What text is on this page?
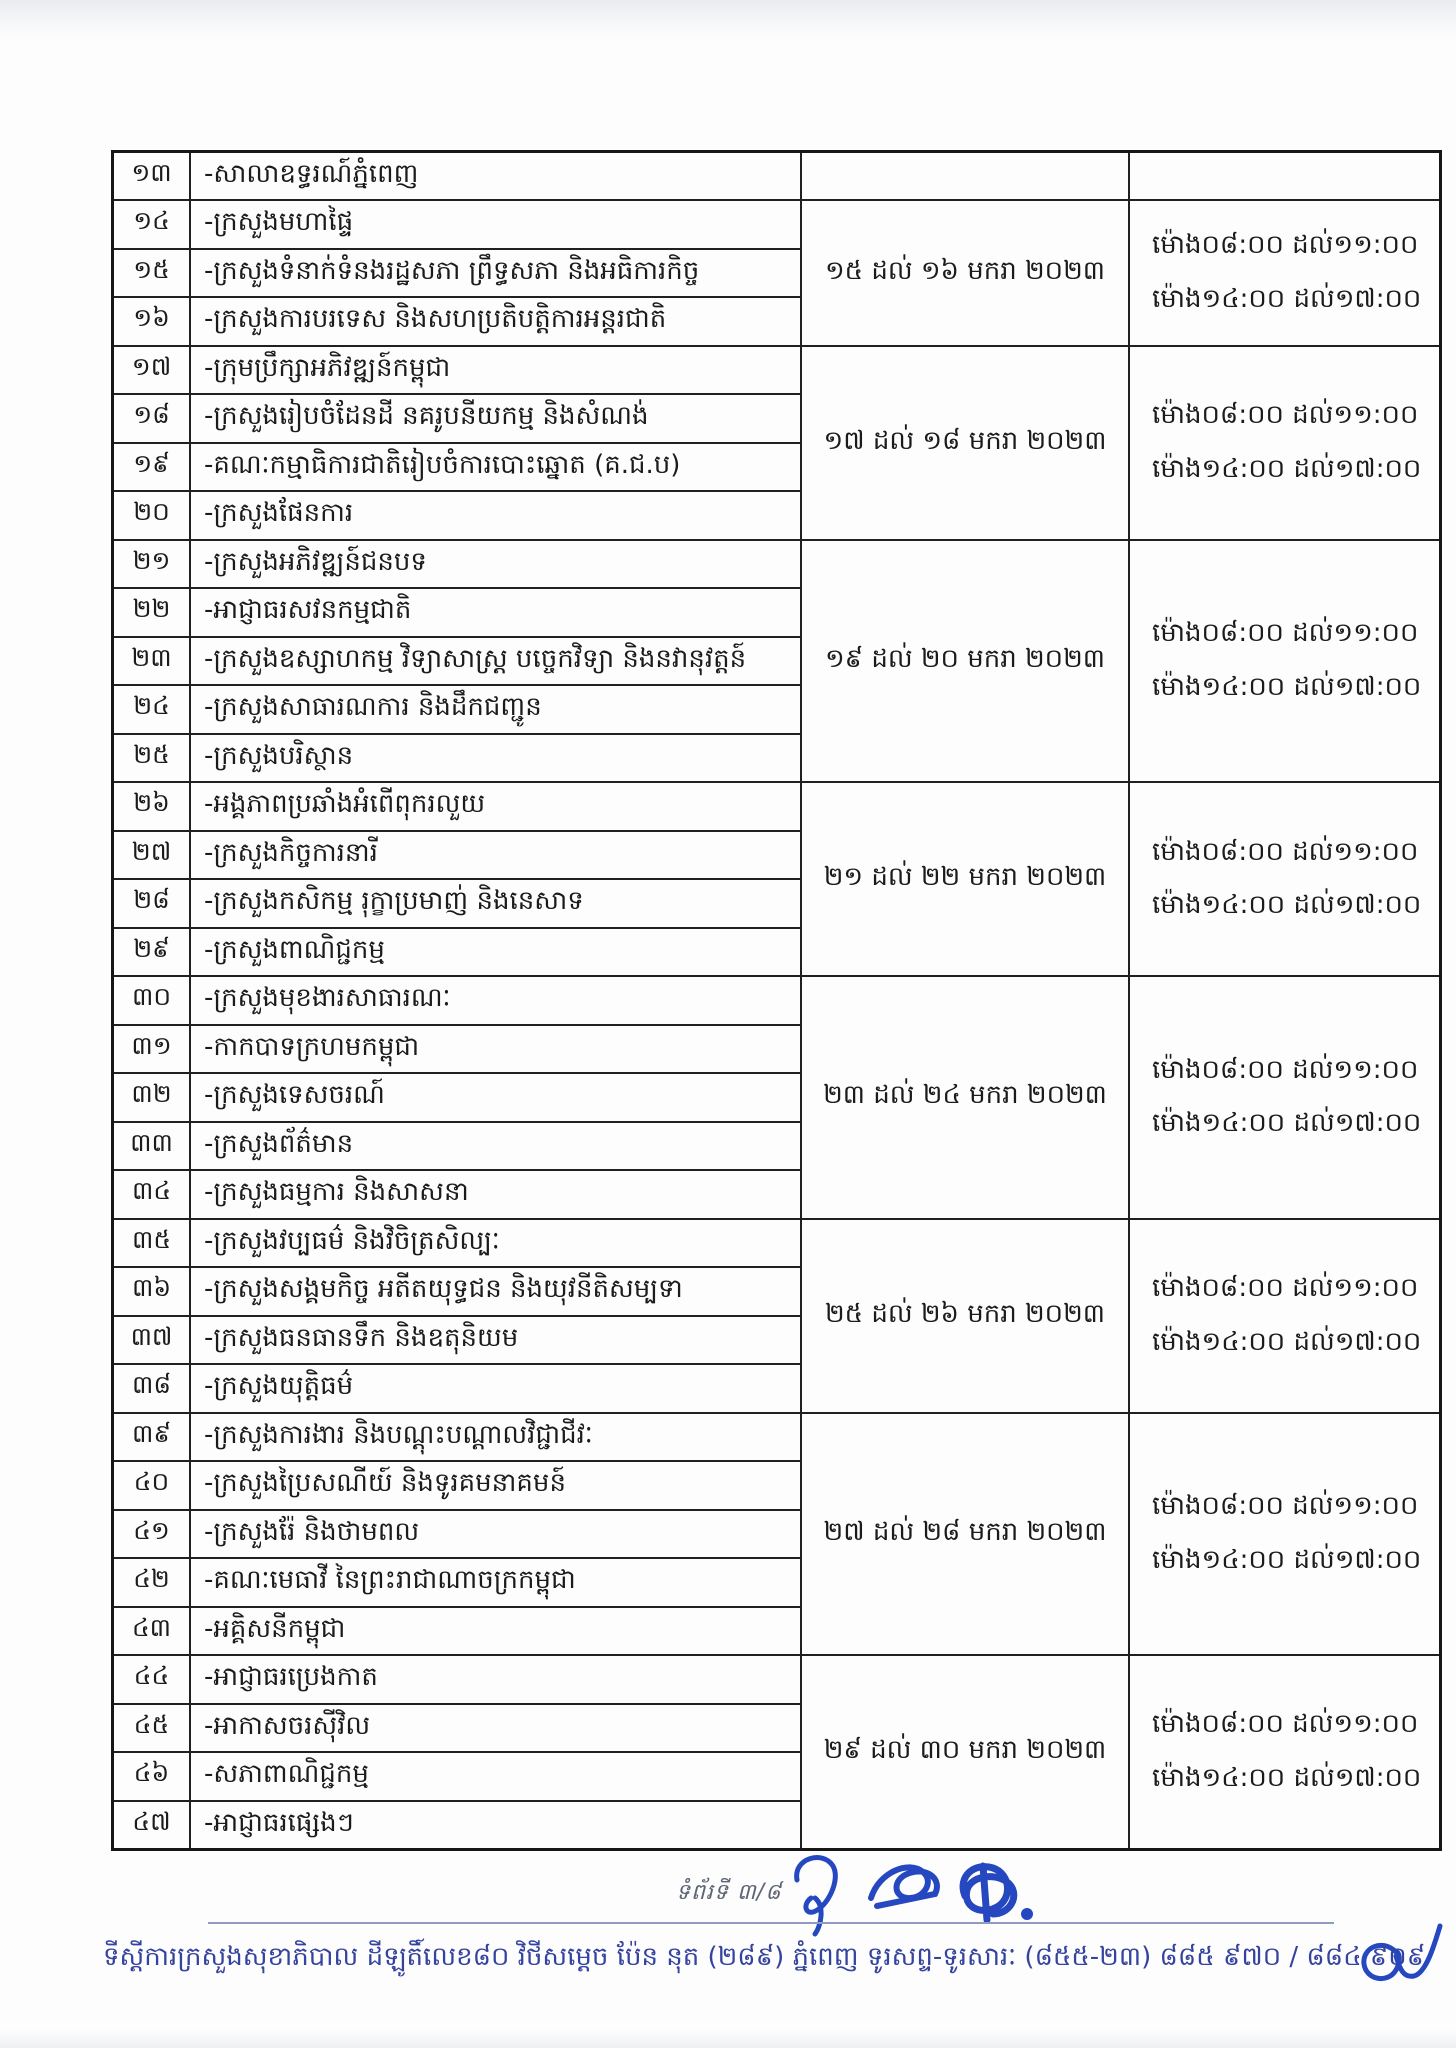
១៣	-សាលាឧទ្ធរណ៍ភ្នំពេញ		

១៤	-ក្រសួងមហាផ្ទៃ	១៥ ដល់ ១៦ មករា ២០២៣	ម៉ោង០៨:០០ ដល់១១:០០
ម៉ោង១៤:០០ ដល់១៧:០០

១៥	-ក្រសួងទំនាក់ទំនងរដ្ឋសភា ព្រឹទ្ធសភា និងអធិការកិច្ច		
១៦	-ក្រសួងការបរទេស និងសហប្រតិបត្តិការអន្តរជាតិ		
១៧	-ក្រុមប្រឹក្សាអភិវឌ្ឍន៍កម្ពុជា	១៧ ដល់ ១៨ មករា ២០២៣	ម៉ោង០៨:០០ ដល់១១:០០
ម៉ោង១៤:០០ ដល់១៧:០០

១៨	-ក្រសួងរៀបចំដែនដី នគរូបនីយកម្ម និងសំណង់		
១៩	-គណៈកម្មាធិការជាតិរៀបចំការបោះឆ្នោត (គ.ជ.ប)		
២០	-ក្រសួងផែនការ		
២១	-ក្រសួងអភិវឌ្ឍន៍ជនបទ	១៩ ដល់ ២០ មករា ២០២៣	ម៉ោង០៨:០០ ដល់១១:០០
ម៉ោង១៤:០០ ដល់១៧:០០

២២	-អាជ្ញាធរសវនកម្មជាតិ		
២៣	-ក្រសួងឧស្សាហកម្ម វិទ្យាសាស្ត្រ បច្ចេកវិទ្យា និងនវានុវត្តន៍		
២៤	-ក្រសួងសាធារណការ និងដឹកជញ្ជូន		
២៥	-ក្រសួងបរិស្ថាន		
២៦	-អង្គភាពប្រឆាំងអំពើពុករលួយ	២១ ដល់ ២២ មករា ២០២៣	ម៉ោង០៨:០០ ដល់១១:០០
ម៉ោង១៤:០០ ដល់១៧:០០

២៧	-ក្រសួងកិច្ចការនារី		
២៨	-ក្រសួងកសិកម្ម រុក្ខាប្រមាញ់ និងនេសាទ		
២៩	-ក្រសួងពាណិជ្ជកម្ម		
៣០	-ក្រសួងមុខងារសាធារណៈ	២៣ ដល់ ២៤ មករា ២០២៣	ម៉ោង០៨:០០ ដល់១១:០០
ម៉ោង១៤:០០ ដល់១៧:០០

៣១	-កាកបាទក្រហមកម្ពុជា		
៣២	-ក្រសួងទេសចរណ៍		
៣៣	-ក្រសួងព័ត៌មាន		
៣៤	-ក្រសួងធម្មការ និងសាសនា		
៣៥	-ក្រសួងវប្បធម៌ និងវិចិត្រសិល្បៈ	២៥ ដល់ ២៦ មករា ២០២៣	ម៉ោង០៨:០០ ដល់១១:០០
ម៉ោង១៤:០០ ដល់១៧:០០

៣៦	-ក្រសួងសង្គមកិច្ច អតីតយុទ្ធជន និងយុវនីតិសម្បទា		
៣៧	-ក្រសួងធនធានទឹក និងឧតុនិយម		
៣៨	-ក្រសួងយុត្តិធម៌		
៣៩	-ក្រសួងការងារ និងបណ្តុះបណ្តាលវិជ្ជាជីវៈ	២៧ ដល់ ២៨ មករា ២០២៣	ម៉ោង០៨:០០ ដល់១១:០០
ម៉ោង១៤:០០ ដល់១៧:០០

៤០	-ក្រសួងប្រៃសណីយ៍ និងទូរគមនាគមន៍		
៤១	-ក្រសួងរ៉ែ និងថាមពល		
៤២	-គណៈមេធាវី នៃព្រះរាជាណាចក្រកម្ពុជា		
៤៣	-អគ្គិសនីកម្ពុជា		
៤៤	-អាជ្ញាធរប្រេងកាត	២៩ ដល់ ៣០ មករា ២០២៣	ម៉ោង០៨:០០ ដល់១១:០០
ម៉ោង១៤:០០ ដល់១៧:០០

៤៥	-អាកាសចរស៊ីវិល		
៤៦	-សភាពាណិជ្ជកម្ម		
៤៧	-អាជ្ញាធរផ្សេងៗ		
ទំព័រទី ៣/៨
ទីស្តីការក្រសួងសុខាភិបាល ដីឡូតិ៍លេខ៨០ វិថីសម្តេច ប៉ែន នុត (២៨៩) ភ្នំពេញ ទូរសព្ទ-ទូរសារៈ (៨៥៥-២៣) ៨៨៥ ៩៧០ / ៨៨៤ ៩០៩
